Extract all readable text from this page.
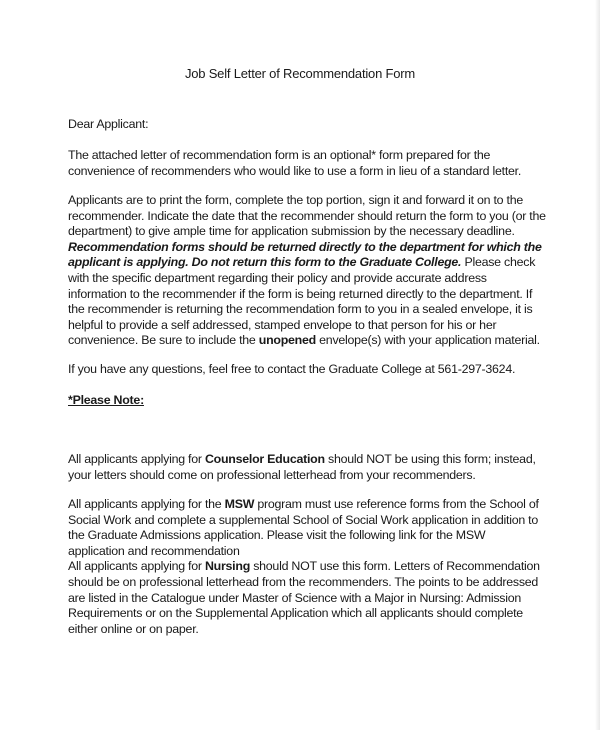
Job Self Letter of Recommendation Form
Dear Applicant:
The attached letter of recommendation form is an optional* form prepared for the
convenience of recommenders who would like to use a form in lieu of a standard letter.
Applicants are to print the form, complete the top portion, sign it and forward it on to the
recommender. Indicate the date that the recommender should return the form to you (or the
department) to give ample time for application submission by the necessary deadline.
Recommendation forms should be returned directly to the department for which the
applicant is applying. Do not return this form to the Graduate College. Please check
with the specific department regarding their policy and provide accurate address
information to the recommender if the form is being returned directly to the department. If
the recommender is returning the recommendation form to you in a sealed envelope, it is
helpful to provide a self addressed, stamped envelope to that person for his or her
convenience. Be sure to include the unopened envelope(s) with your application material.
If you have any questions, feel free to contact the Graduate College at 561-297-3624.
*Please Note:
All applicants applying for Counselor Education should NOT be using this form; instead,
your letters should come on professional letterhead from your recommenders.
All applicants applying for the MSW program must use reference forms from the School of
Social Work and complete a supplemental School of Social Work application in addition to
the Graduate Admissions application. Please visit the following link for the MSW
application and recommendation
All applicants applying for Nursing should NOT use this form. Letters of Recommendation
should be on professional letterhead from the recommenders. The points to be addressed
are listed in the Catalogue under Master of Science with a Major in Nursing: Admission
Requirements or on the Supplemental Application which all applicants should complete
either online or on paper.
